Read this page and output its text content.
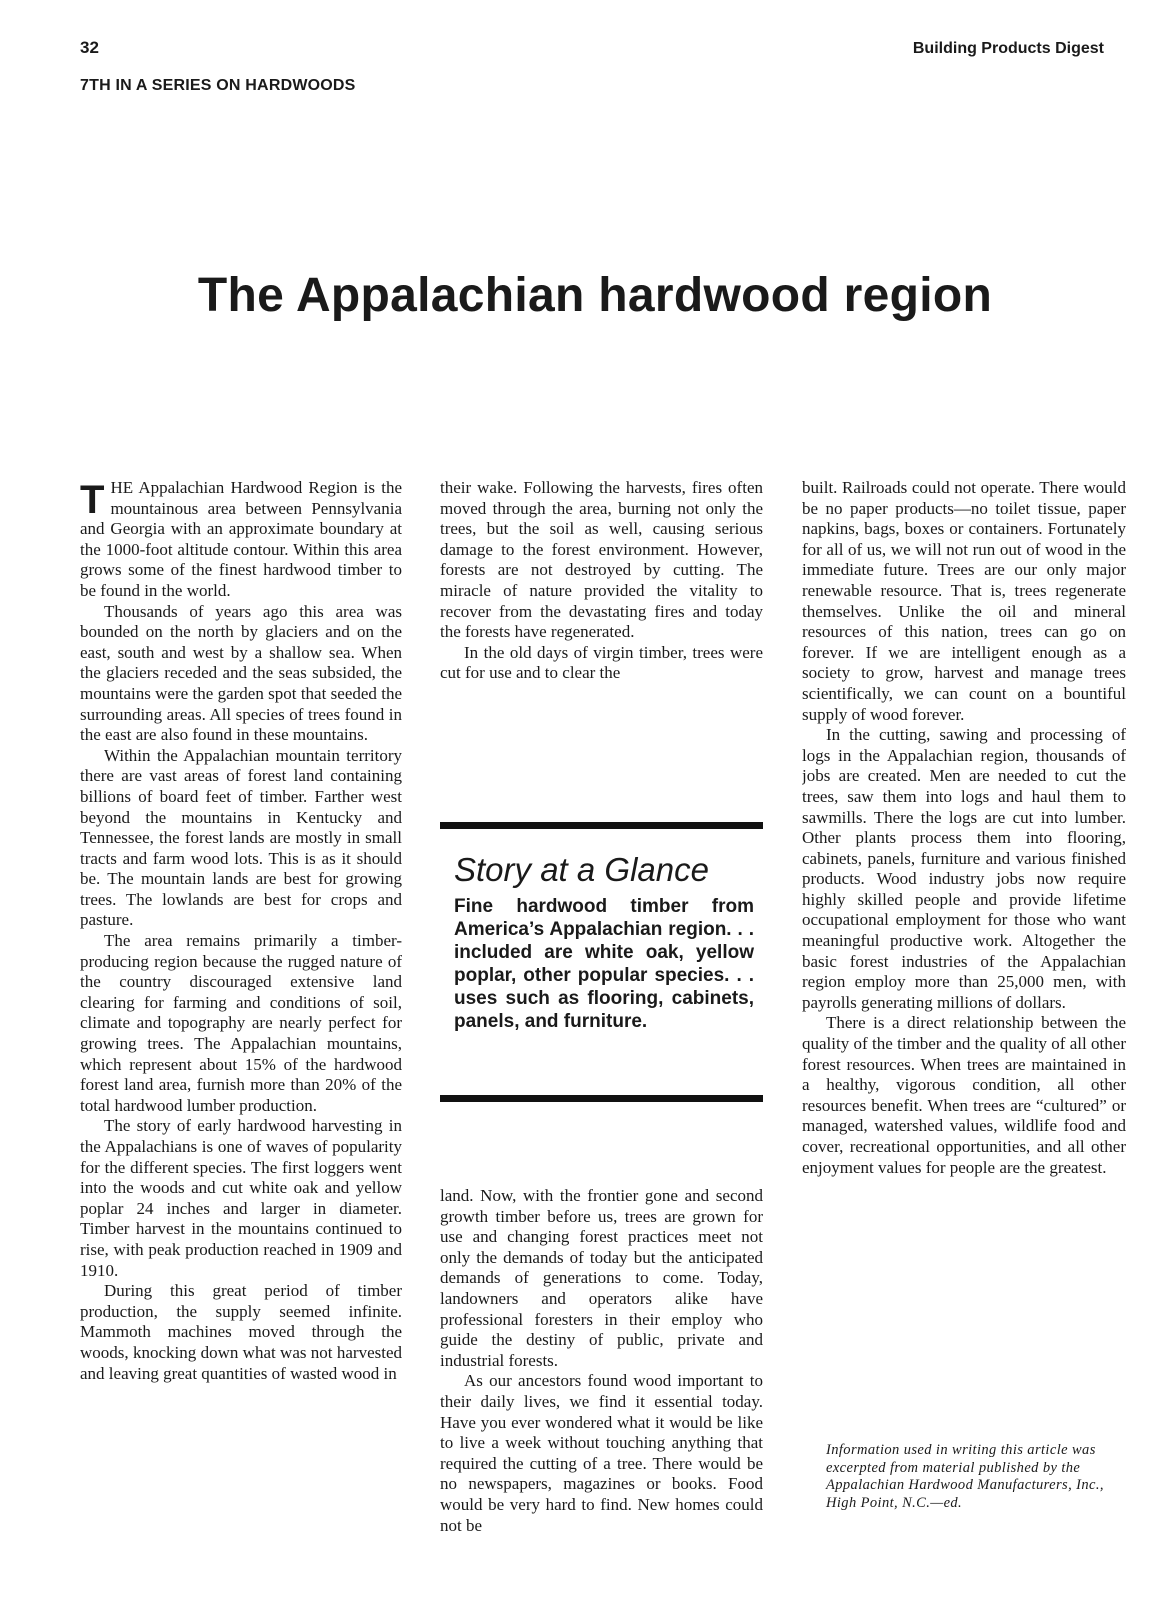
32	Building Products Digest
7TH IN A SERIES ON HARDWOODS
The Appalachian hardwood region

THE Appalachian Hardwood Region is the mountainous area between Pennsylvania and Georgia with an approximate boundary at the 1000-foot altitude contour. Within this area grows some of the finest hardwood timber to be found in the world.

Thousands of years ago this area was bounded on the north by glaciers and on the east, south and west by a shallow sea. When the glaciers receded and the seas subsided, the mountains were the garden spot that seeded the surrounding areas. All species of trees found in the east are also found in these mountains.

Within the Appalachian mountain territory there are vast areas of forest land containing billions of board feet of timber. Farther west beyond the mountains in Kentucky and Tennessee, the forest lands are mostly in small tracts and farm wood lots. This is as it should be. The mountain lands are best for growing trees. The lowlands are best for crops and pasture.

The area remains primarily a timber-producing region because the rugged nature of the country discouraged extensive land clearing for farming and conditions of soil, climate and topography are nearly perfect for growing trees. The Appalachian mountains, which represent about 15% of the hardwood forest land area, furnish more than 20% of the total hardwood lumber production.

The story of early hardwood harvesting in the Appalachians is one of waves of popularity for the different species. The first loggers went into the woods and cut white oak and yellow poplar 24 inches and larger in diameter. Timber harvest in the mountains continued to rise, with peak production reached in 1909 and 1910.

During this great period of timber production, the supply seemed infinite. Mammoth machines moved through the woods, knocking down what was not harvested and leaving great quantities of wasted wood in

their wake. Following the harvests, fires often moved through the area, burning not only the trees, but the soil as well, causing serious damage to the forest environment. However, forests are not destroyed by cutting. The miracle of nature provided the vitality to recover from the devastating fires and today the forests have regenerated.

In the old days of virgin timber, trees were cut for use and to clear the

Story at a Glance

Fine hardwood timber from America’s Appalachian region. . . included are white oak, yellow poplar, other popular species. . . uses such as flooring, cabinets, panels, and furniture.

land. Now, with the frontier gone and second growth timber before us, trees are grown for use and changing forest practices meet not only the demands of today but the anticipated demands of generations to come. Today, landowners and operators alike have professional foresters in their employ who guide the destiny of public, private and industrial forests.

As our ancestors found wood important to their daily lives, we find it essential today. Have you ever wondered what it would be like to live a week without touching anything that required the cutting of a tree. There would be no newspapers, magazines or books. Food would be very hard to find. New homes could not be

built. Railroads could not operate. There would be no paper products—no toilet tissue, paper napkins, bags, boxes or containers. Fortunately for all of us, we will not run out of wood in the immediate future. Trees are our only major renewable resource. That is, trees regenerate themselves. Unlike the oil and mineral resources of this nation, trees can go on forever. If we are intelligent enough as a society to grow, harvest and manage trees scientifically, we can count on a bountiful supply of wood forever.

In the cutting, sawing and processing of logs in the Appalachian region, thousands of jobs are created. Men are needed to cut the trees, saw them into logs and haul them to sawmills. There the logs are cut into lumber. Other plants process them into flooring, cabinets, panels, furniture and various finished products. Wood industry jobs now require highly skilled people and provide lifetime occupational employment for those who want meaningful productive work. Altogether the basic forest industries of the Appalachian region employ more than 25,000 men, with payrolls generating millions of dollars.

There is a direct relationship between the quality of the timber and the quality of all other forest resources. When trees are maintained in a healthy, vigorous condition, all other resources benefit. When trees are “cultured” or managed, watershed values, wildlife food and cover, recreational opportunities, and all other enjoyment values for people are the greatest.

Information used in writing this article was excerpted from material published by the Appalachian Hardwood Manufacturers, Inc., High Point, N.C.—ed.
